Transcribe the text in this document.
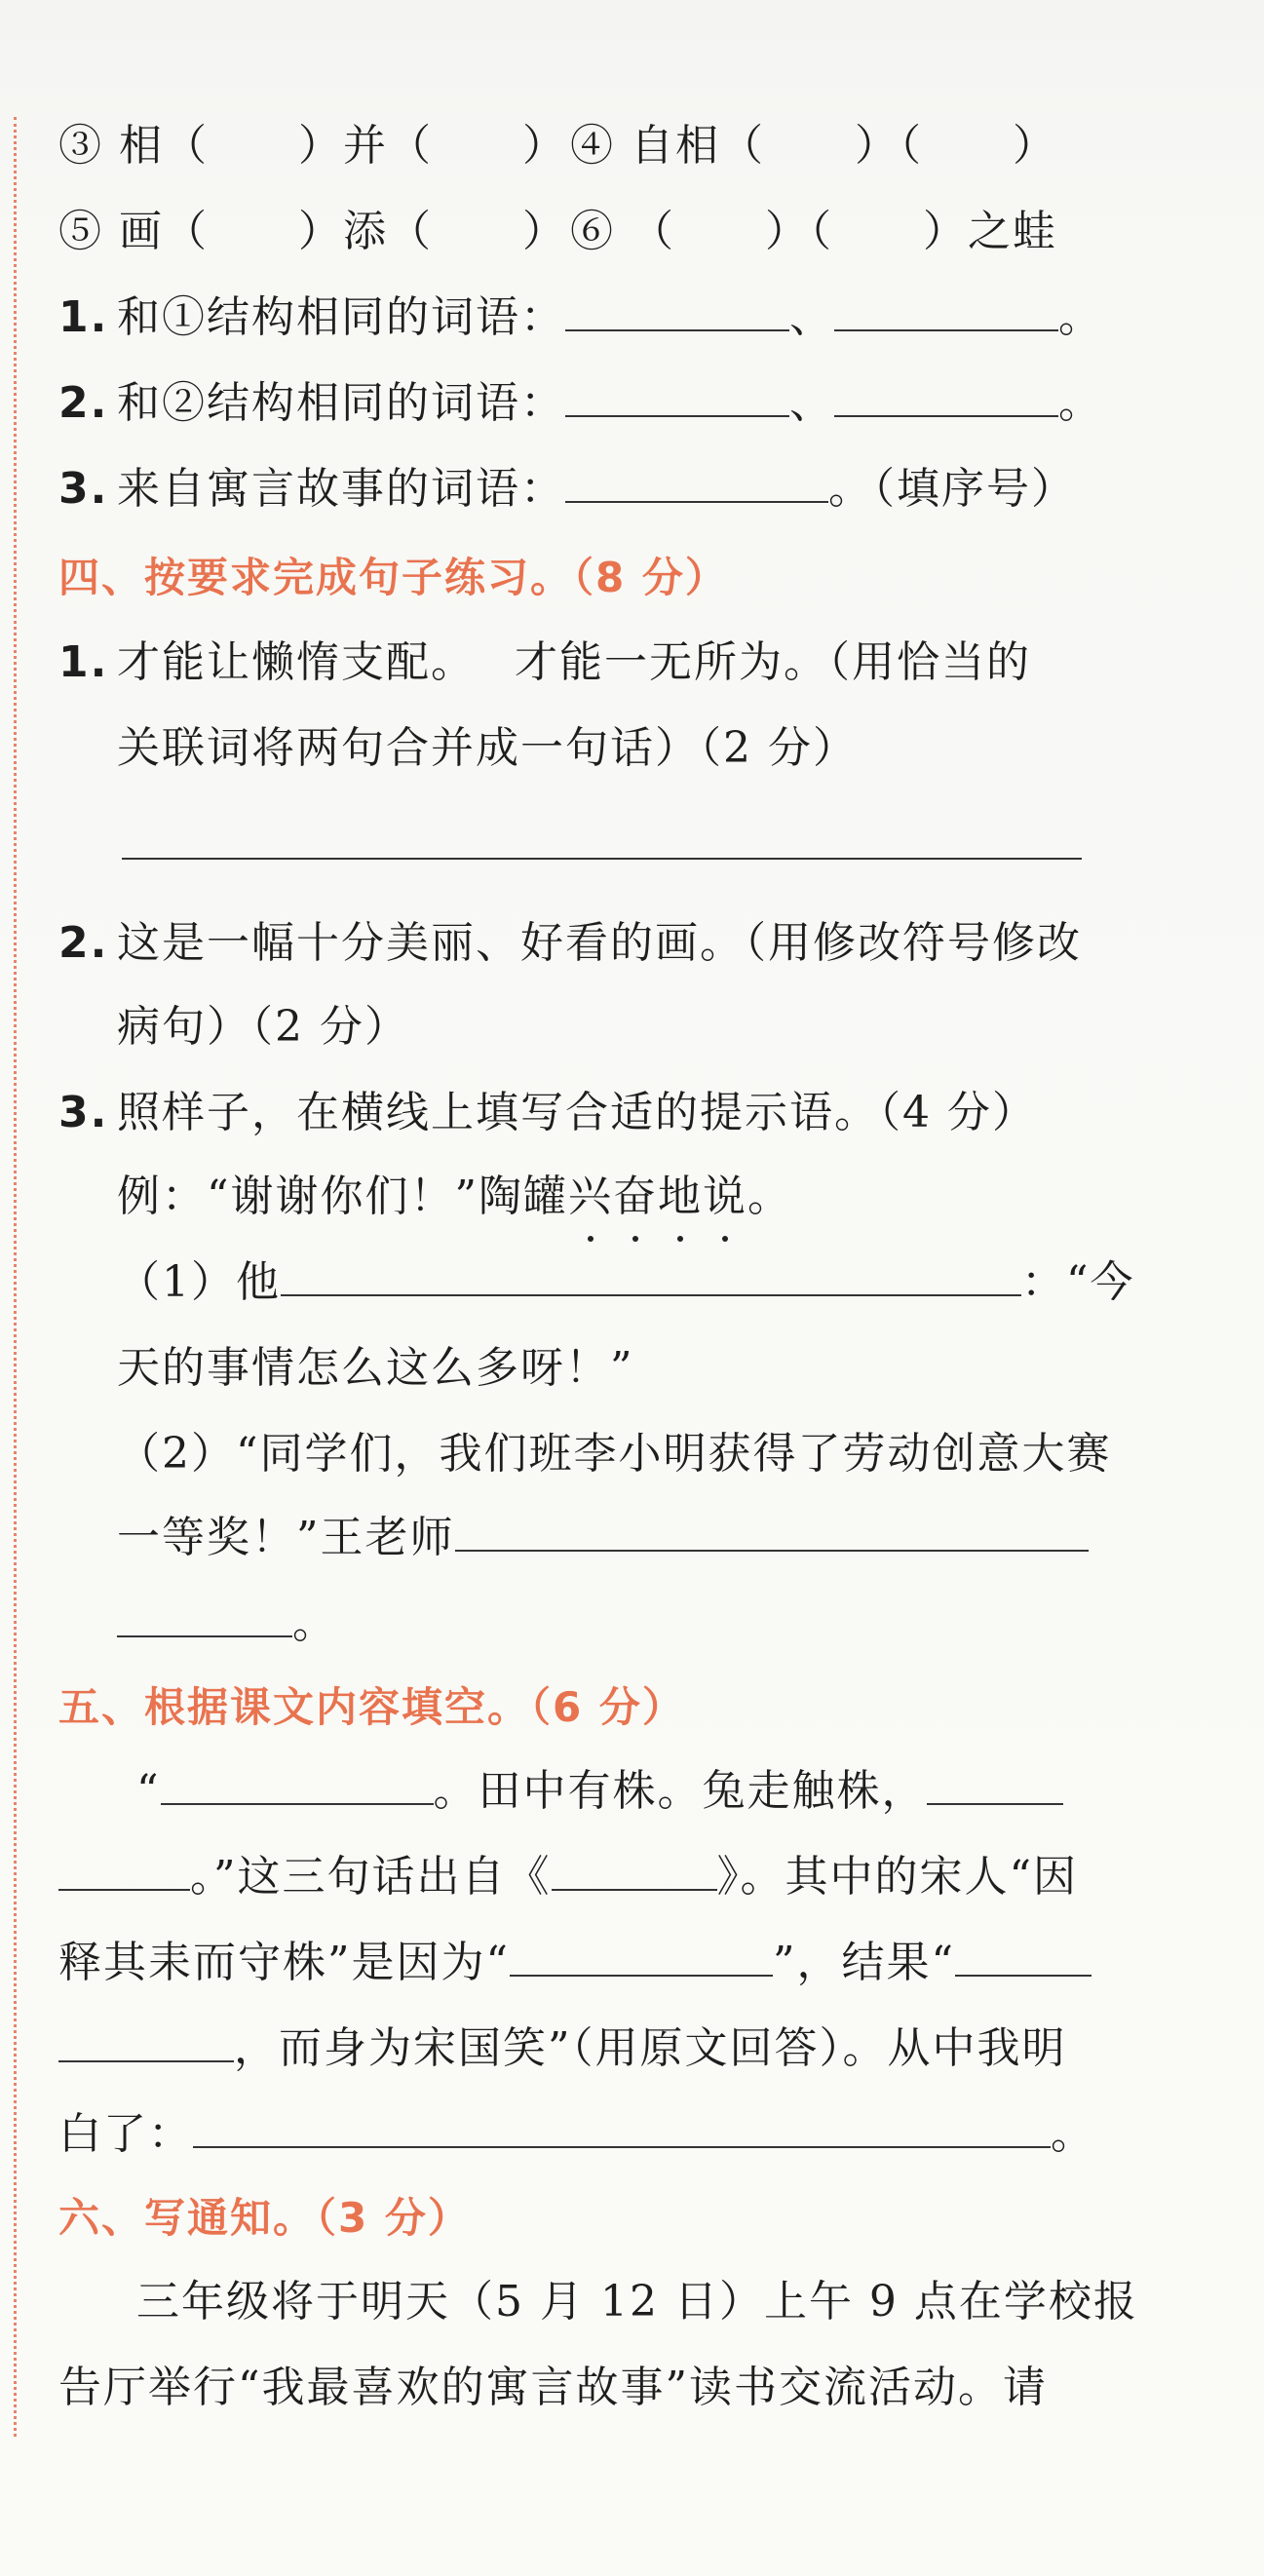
③ 相（　　）并（　　） ④ 自相（　　）（　　）
⑤ 画（　　）添（　　） ⑥ （　　）（　　）之蛙
1. 和①结构相同的词语：	、	。
2. 和②结构相同的词语：	、	。
3. 来自寓言故事的词语：	。（填序号）
四、按要求完成句子练习。（8 分）
1. 才能让懒惰支配。　 才能一无所为。（用恰当的
关联词将两句合并成一句话）（2 分）
2. 这是一幅十分美丽、好看的画。（用修改符号修改
病句）（2 分）
3. 照样子，在横线上填写合适的提示语。（4 分）
例：“谢谢你们！”陶罐兴奋地说
。
（1）他	：“今
天的事情怎么这么多呀！”
（2）“同学们，我们班李小明获得了劳动创意大赛
一等奖！”王老师
。
五、根据课文内容填空。（6 分）
“	。田中有株。兔走触株，
。”这三句话出自《	》。其中的宋人“因
释其耒而守株”是因为“	”，结果“
，而身为宋国笑”（用原文回答）。从中我明
白了：	。
六、写通知。（3 分）
三年级将于明天（5 月 12 日）上午 9 点在学校报
告厅举行“我最喜欢的寓言故事”读书交流活动。请
